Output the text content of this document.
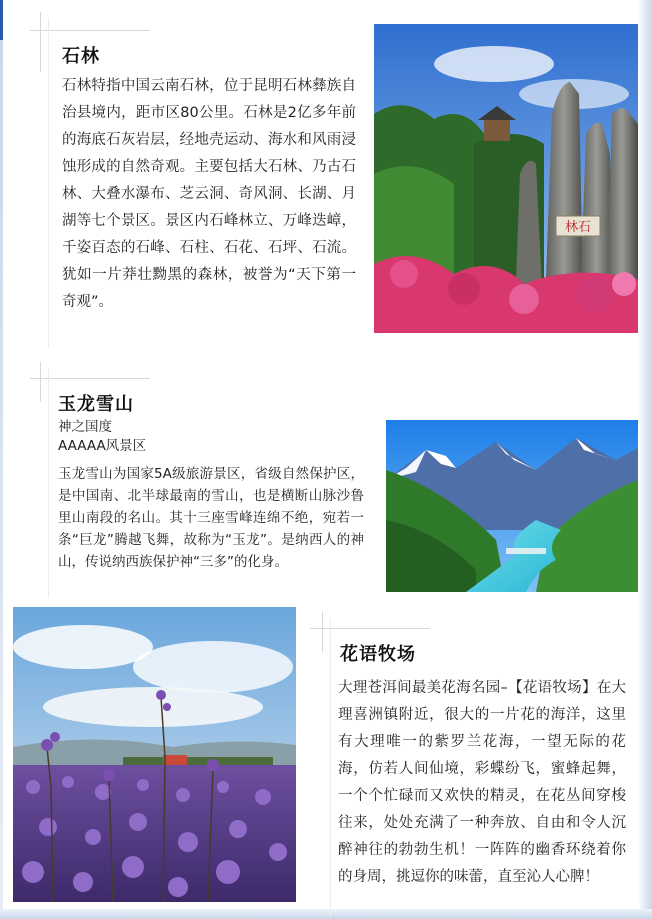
石林

石林特指中国云南石林，位于昆明石林彝族自治县境内，距市区80公里。石林是2亿多年前的海底石灰岩层，经地壳运动、海水和风雨浸蚀形成的自然奇观。主要包括大石林、乃古石林、大叠水瀑布、芝云洞、奇风洞、长湖、月湖等七个景区。景区内石峰林立、万峰迭嶂，千姿百态的石峰、石柱、石花、石坪、石流。 犹如一片莽壮黝黑的森林，被誉为“天下第一奇观”。

林石
玉龙雪山
神之国度
AAAAA风景区

玉龙雪山为国家5A级旅游景区，省级自然保护区，是中国南、北半球最南的雪山，也是横断山脉沙鲁里山南段的名山。其十三座雪峰连绵不绝，宛若一条“巨龙”腾越飞舞，故称为“玉龙”。是纳西人的神山，传说纳西族保护神“三多”的化身。

花语牧场

大理苍洱间最美花海名园–【花语牧场】在大理喜洲镇附近，很大的一片花的海洋，这里有大理唯一的紫罗兰花海，一望无际的花海，仿若人间仙境，彩蝶纷飞，蜜蜂起舞，一个个忙碌而又欢快的精灵，在花丛间穿梭往来，处处充满了一种奔放、自由和令人沉醉神往的勃勃生机！一阵阵的幽香环绕着你的身周，挑逗你的味蕾，直至沁人心脾！
